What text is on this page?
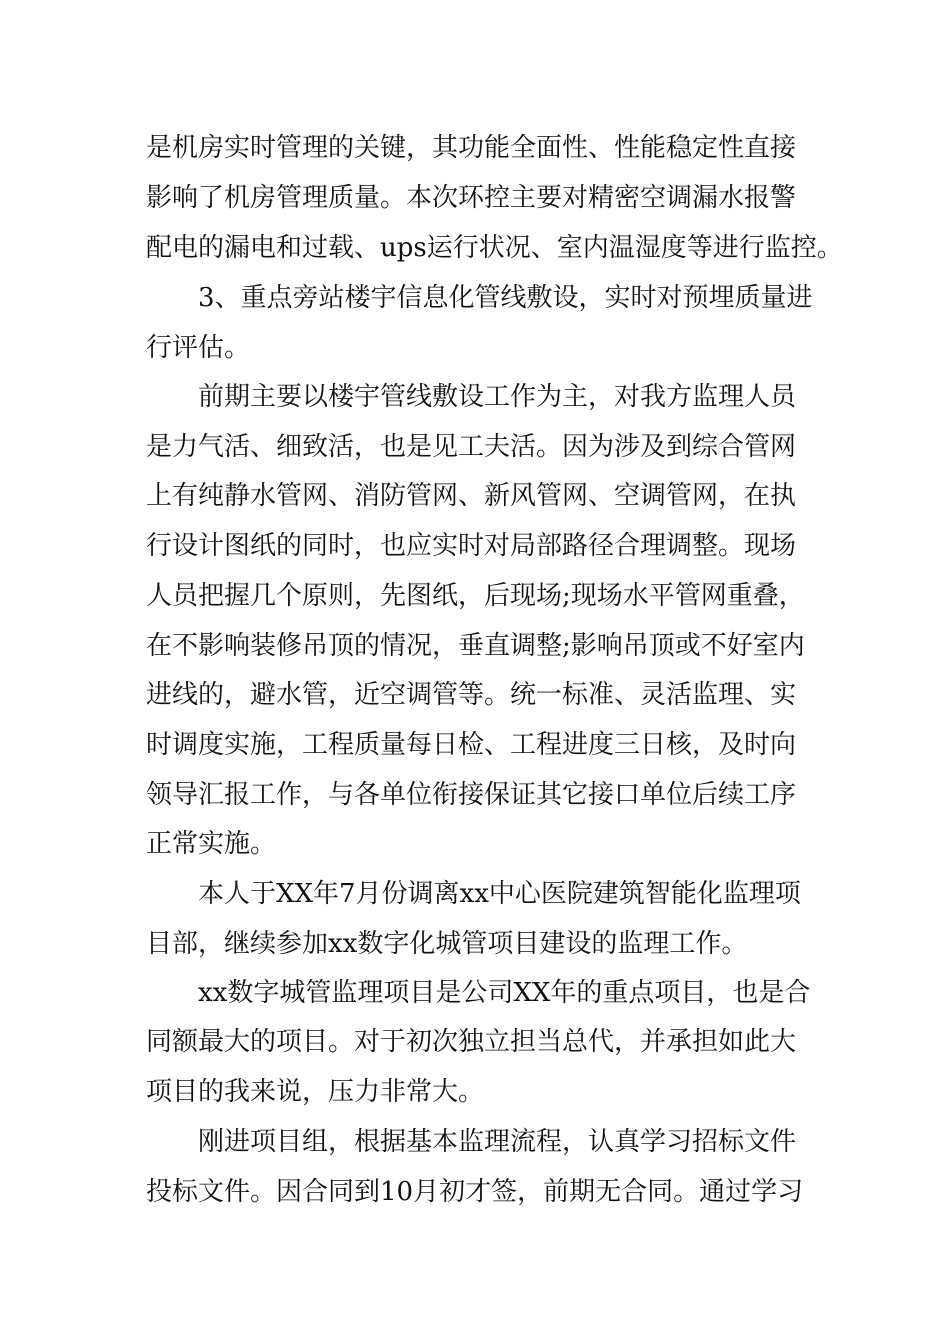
是机房实时管理的关键，其功能全面性、性能稳定性直接
影响了机房管理质量。本次环控主要对精密空调漏水报警
配电的漏电和过载、ups运行状况、室内温湿度等进行监控。
3、重点旁站楼宇信息化管线敷设，实时对预埋质量进
行评估。
前期主要以楼宇管线敷设工作为主，对我方监理人员
是力气活、细致活，也是见工夫活。因为涉及到综合管网
上有纯静水管网、消防管网、新风管网、空调管网，在执
行设计图纸的同时，也应实时对局部路径合理调整。现场
人员把握几个原则，先图纸，后现场;现场水平管网重叠，
在不影响装修吊顶的情况，垂直调整;影响吊顶或不好室内
进线的，避水管，近空调管等。统一标准、灵活监理、实
时调度实施，工程质量每日检、工程进度三日核，及时向
领导汇报工作，与各单位衔接保证其它接口单位后续工序
正常实施。
本人于XX年7月份调离xx中心医院建筑智能化监理项
目部，继续参加xx数字化城管项目建设的监理工作。
xx数字城管监理项目是公司XX年的重点项目，也是合
同额最大的项目。对于初次独立担当总代，并承担如此大
项目的我来说，压力非常大。
刚进项目组，根据基本监理流程，认真学习招标文件
投标文件。因合同到10月初才签，前期无合同。通过学习
